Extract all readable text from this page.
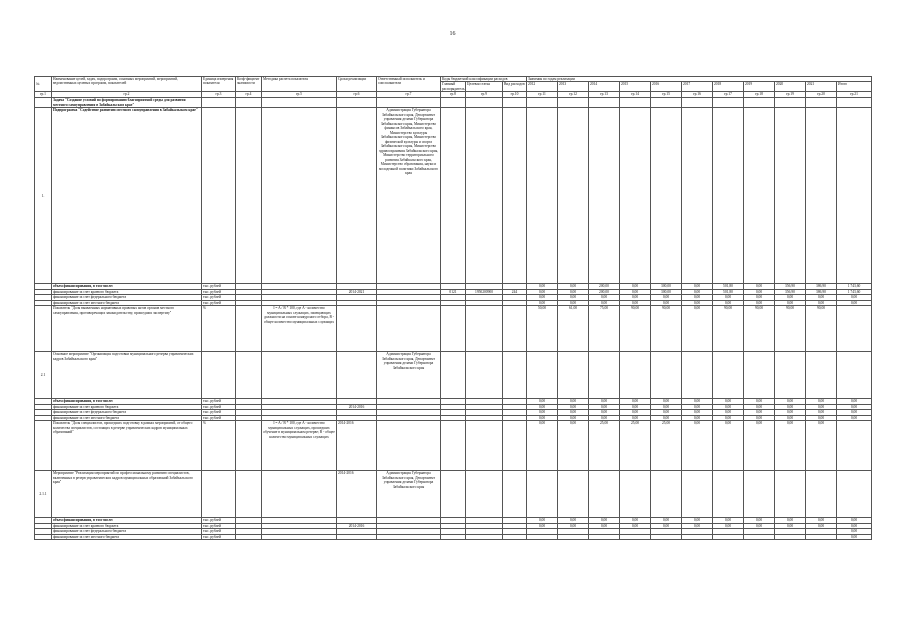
16
№	Наименование целей, задач, подпрограмм, основных мероприятий, мероприятий, ведомственных целевых программ, показателей	Единица измерения показателя	Коэф-фициент значимости	Методика расчета показателя	Сроки реализации	Ответственный исполнитель и соисполнители	Коды бюджетной классификации расходов			Значения по годам реализации										
							Главный распорядитель	Целевая статья	Вид расходов	2012	2013	2014	2015	2016	2017	2018	2019	2020	2021	Итого
гр.1	гр.2	гр.3	гр.4	гр.5	гр.6	гр.7	гр.8	гр.9	гр.10	гр.11	гр.12	гр.13	гр.14	гр.15	гр.16	гр.17	гр.18	гр.19	гр.20	гр.21
	Задача "Создание условий по формированию благоприятной среды для развития местного самоуправления в Забайкальском крае"																			
1.	Подпрограмма "Содействие развитию местного самоуправления в Забайкальском крае"					Администрация Губернатора Забайкальского края, Департамент управления делами Губернатора Забайкальского края, Министерство финансов Забайкальского края, Министерство культуры Забайкальского края, Министерство физической культуры и спорта Забайкальского края, Министерство здравоохранения Забайкальского края, Министерство территориального развития Забайкальского края, Министерство образования, науки и молодежной политики Забайкальского края														
	объем финансирования, в том числе:	тыс. рублей								0,00	0,00	200,00	0,00	300,00	0,00	501,80	0,00	356,90	386,90	1 743,60
	финансирование за счет краевого бюджета	тыс. рублей			2014-2021		0121	1950200900	244	0,00	0,00	200,00	0,00	300,00	0,00	501,80	0,00	356,90	386,90	1 743,60
	финансирование за счет федерального бюджета	тыс. рублей								0,00	0,00	0,00	0,00	0,00	0,00	0,00	0,00	0,00	0,00	0,00
	финансирование за счет местного бюджета	тыс. рублей								0,00	0,00	0,00	0,00	0,00	0,00	0,00	0,00	0,00	0,00	0,00
	Показатель "Доля выявленных нормативных правовых актов органов местного самоуправления, противоречащих законодательству, прошедших экспертизу"	%		I = A / B * 100, где A - количество муниципальных служащих, замещающих должности на основе конкурсного отбора, B - общее количество муниципальных служащих						50,00	61,00	75,00	90,00	90,00	0,00	90,00	90,00	90,00	90,00	
2.1	Основное мероприятие "Организация подготовки муниципального резерва управленческих кадров Забайкальского края"					Администрация Губернатора Забайкальского края, Департамент управления делами Губернатора Забайкальского края														
	объем финансирования, в том числе:	тыс. рублей								0,00	0,00	0,00	0,00	0,00	0,00	0,00	0,00	0,00	0,00	0,00
	финансирование за счет краевого бюджета	тыс. рублей			2014-2016					0,00	0,00	0,00	0,00	0,00	0,00	0,00	0,00	0,00	0,00	0,00
	финансирование за счет федерального бюджета	тыс. рублей								0,00	0,00	0,00	0,00	0,00	0,00	0,00	0,00	0,00	0,00	0,00
	финансирование за счет местного бюджета	тыс. рублей								0,00	0,00	0,00	0,00	0,00	0,00	0,00	0,00	0,00	0,00	0,00
	Показатель "Доля специалистов, прошедших подготовку в рамках мероприятий, от общего количества специалистов, состоящих в резерве управленческих кадров муниципальных образований"	%		I = A / B * 100, где A - количество муниципальных служащих, прошедших обучение в муниципальном резерве; B - общее количество муниципальных служащих	2014-2016					0,00	0,00	25,00	25,00	25,00	0,00	0,00	0,00	0,00	0,00	
2.1.1	Мероприятие "Реализация мероприятий по профессиональному развитию специалистов, включенных в резерв управленческих кадров муниципальных образований Забайкальского края"				2014-2016	Администрация Губернатора Забайкальского края, Департамент управления делами Губернатора Забайкальского края														
	объем финансирования, в том числе:	тыс. рублей								0,00	0,00	0,00	0,00	0,00	0,00	0,00	0,00	0,00	0,00	0,00
	финансирование за счет краевого бюджета	тыс. рублей			2014-2016					0,00	0,00	0,00	0,00	0,00	0,00	0,00	0,00	0,00	0,00	0,00
	финансирование за счет федерального бюджета	тыс. рублей																		0,00
	финансирование за счет местного бюджета	тыс. рублей																		0,00
